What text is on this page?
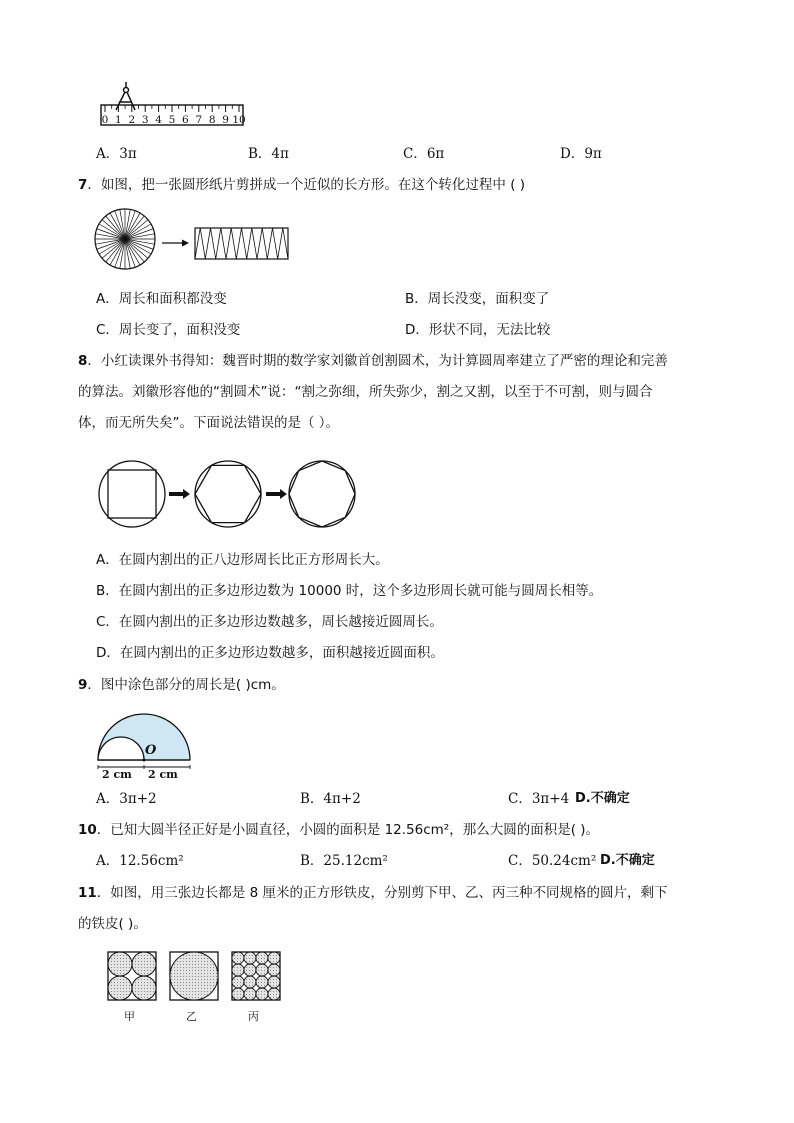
0 1 2 3 4 5 6 7 8 9 10
A．3π	B．4π	C．6π	D．9π
7．如图，把一张圆形纸片剪拼成一个近似的长方形。在这个转化过程中 ( )
A．周长和面积都没变	B．周长没变，面积变了
C．周长变了，面积没变	D．形状不同，无法比较
8．小红读课外书得知：魏晋时期的数学家刘徽首创割圆术，为计算圆周率建立了严密的理论和完善
的算法。刘徽形容他的“割圆术”说：“割之弥细，所失弥少，割之又割，以至于不可割，则与圆合
体，而无所失矣”。下面说法错误的是（ ）。
A．在圆内割出的正八边形周长比正方形周长大。
B．在圆内割出的正多边形边数为 10000 时，这个多边形周长就可能与圆周长相等。
C．在圆内割出的正多边形边数越多，周长越接近圆周长。
D．在圆内割出的正多边形边数越多，面积越接近圆面积。
9．图中涂色部分的周长是( )cm。
O
2 cm 2 cm
A．3π+2	B．4π+2	C．3π+4 D.不确定
10．已知大圆半径正好是小圆直径，小圆的面积是 12.56cm²，那么大圆的面积是( )。
A．12.56cm²	B．25.12cm²	C．50.24cm² D.不确定
11．如图，用三张边长都是 8 厘米的正方形铁皮，分别剪下甲、乙、丙三种不同规格的圆片，剩下
的铁皮( )。
甲	乙	丙
